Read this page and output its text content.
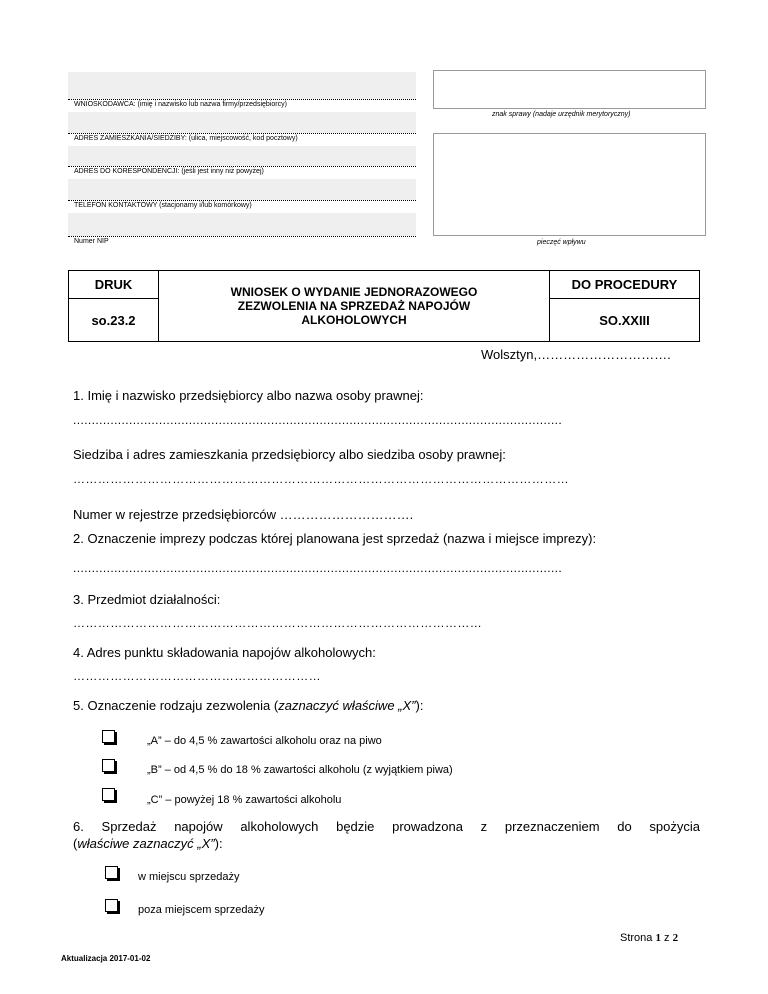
WNIOSKODAWCA: (imię i nazwisko lub nazwa firmy/przedsiębiorcy)
ADRES ZAMIESZKANIA/SIEDZIBY: (ulica, miejscowość, kod pocztowy)
ADRES DO KORESPONDENCJI: (jeśli jest inny niż powyżej)
TELEFON KONTAKTOWY (stacjonarny i/lub komórkowy)
Numer NIP
znak sprawy (nadaje urzędnik merytoryczny)
pieczęć wpływu
DRUK	WNIOSEK O WYDANIE JEDNORAZOWEGO ZEZWOLENIA NA SPRZEDAŻ NAPOJÓW ALKOHOLOWYCH	DO PROCEDURY
so.23.2		SO.XXIII
Wolsztyn,………………………….
1. Imię i nazwisko przedsiębiorcy albo nazwa osoby prawnej:
...................................................................................................................................
Siedziba i adres zamieszkania przedsiębiorcy albo siedziba osoby prawnej:
…………………………………………………………………………………………………………
Numer w rejestrze przedsiębiorców ………………………….
2. Oznaczenie imprezy podczas której planowana jest sprzedaż (nazwa i miejsce imprezy):
...................................................................................................................................
3. Przedmiot działalności:
………………………………………………………………………………………
4. Adres punktu składowania napojów alkoholowych:
……………………………………………………
5. Oznaczenie rodzaju zezwolenia (zaznaczyć właściwe „X”):
„A” – do 4,5 % zawartości alkoholu oraz na piwo
„B” – od 4,5 % do 18 % zawartości alkoholu (z wyjątkiem piwa)
„C” – powyżej 18 % zawartości alkoholu
6. Sprzedaż napojów alkoholowych będzie prowadzona z przeznaczeniem do spożycia
(właściwe zaznaczyć „X”):
w miejscu sprzedaży
poza miejscem sprzedaży
Strona 1 z 2
Aktualizacja 2017-01-02
